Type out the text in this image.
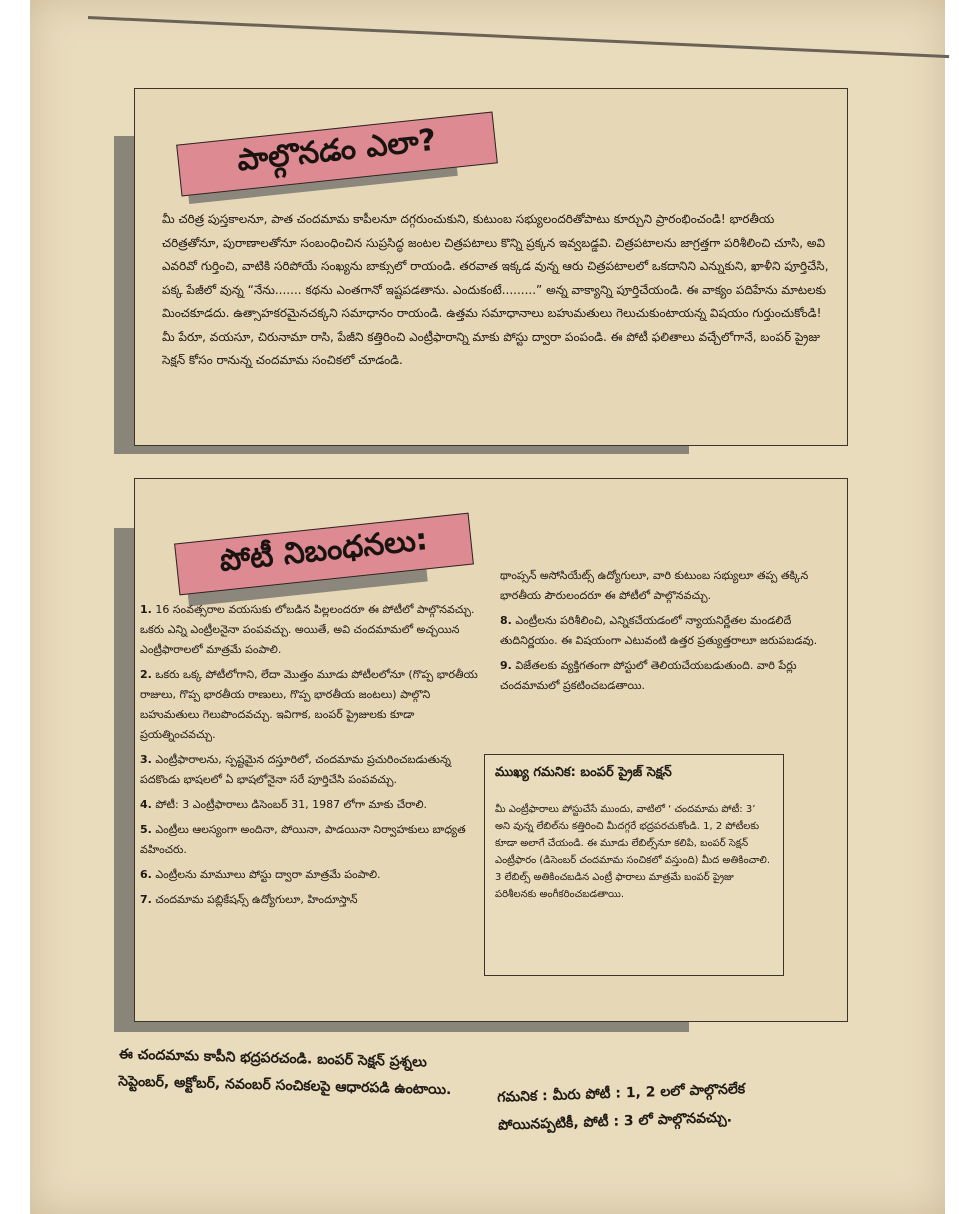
పాల్గొనడం ఎలా?
మీ చరిత్ర పుస్తకాలనూ, పాత చందమామ కాపీలనూ దగ్గరుంచుకుని, కుటుంబ సభ్యులందరితోపాటు కూర్చుని ప్రారంభించండి! భారతీయ చరిత్రతోనూ, పురాణాలతోనూ సంబంధించిన సుప్రసిద్ధ జంటల చిత్రపటాలు కొన్ని ప్రక్కన ఇవ్వబడ్డవి. చిత్రపటాలను జాగ్రత్తగా పరిశీలించి చూసి, అవి ఎవరివో గుర్తించి, వాటికి సరిపోయే సంఖ్యను బాక్సులో రాయండి. తరవాత ఇక్కడ వున్న ఆరు చిత్రపటాలలో ఒకదానిని ఎన్నుకుని, ఖాళీని పూర్తిచేసి, పక్క పేజీలో వున్న “నేను....... కథను ఎంతగానో ఇష్టపడతాను. ఎందుకంటే.........” అన్న వాక్యాన్ని పూర్తిచేయండి. ఈ వాక్యం పదిహేను మాటలకు మించకూడదు. ఉత్సాహకరమైనచక్కని సమాధానం రాయండి. ఉత్తమ సమాధానాలు బహుమతులు గెలుచుకుంటాయన్న విషయం గుర్తుంచుకోండి! మీ పేరూ, వయసూ, చిరునామా రాసి, పేజీని కత్తిరించి ఎంట్రీఫారాన్ని మాకు పోస్టు ద్వారా పంపండి. ఈ పోటీ ఫలితాలు వచ్చేలోగానే, బంపర్ ప్రైజు సెక్షన్ కోసం రానున్న చందమామ సంచికలో చూడండి.
పోటీ నిబంధనలు:

1. 16 సంవత్సరాల వయసుకు లోబడిన పిల్లలందరూ ఈ పోటీలో పాల్గొనవచ్చు. ఒకరు ఎన్ని ఎంట్రీలనైనా పంపవచ్చు. అయితే, అవి చందమామలో అచ్చయిన ఎంట్రీఫారాలలో మాత్రమే పంపాలి.

2. ఒకరు ఒక్క పోటీలోగాని, లేదా మొత్తం మూడు పోటీలలోనూ (గొప్ప భారతీయ రాజులు, గొప్ప భారతీయ రాణులు, గొప్ప భారతీయ జంటలు) పాల్గొని బహుమతులు గెలుపొందవచ్చు. ఇవిగాక, బంపర్ ప్రైజులకు కూడా ప్రయత్నించవచ్చు.

3. ఎంట్రీఫారాలను, స్పష్టమైన దస్తూరిలో, చందమామ ప్రచురించబడుతున్న పదకొండు భాషలలో ఏ భాషలోనైనా సరే పూర్తిచేసి పంపవచ్చు.

4. పోటీ: 3 ఎంట్రీఫారాలు డిసెంబర్ 31, 1987 లోగా మాకు చేరాలి.

5. ఎంట్రీలు ఆలస్యంగా అందినా, పోయినా, పాడయినా నిర్వాహకులు బాధ్యత వహించరు.

6. ఎంట్రీలను మామూలు పోస్టు ద్వారా మాత్రమే పంపాలి.

7. చందమామ పబ్లికేషన్స్ ఉద్యోగులూ, హిందూస్తాన్

థాంప్సన్ అసోసియేట్స్ ఉద్యోగులూ, వారి కుటుంబ సభ్యులూ తప్ప తక్కిన భారతీయ పౌరులందరూ ఈ పోటీలో పాల్గొనవచ్చు.

8. ఎంట్రీలను పరిశీలించి, ఎన్నికచేయడంలో న్యాయనిర్ణేతల మండలిదే తుదినిర్ణయం. ఈ విషయంగా ఎటువంటి ఉత్తర ప్రత్యుత్తరాలూ జరుపబడవు.

9. విజేతలకు వ్యక్తిగతంగా పోస్టులో తెలియచేయబడుతుంది. వారి పేర్లు చందమామలో ప్రకటించబడతాయి.

ముఖ్య గమనిక: బంపర్ ప్రైజ్ సెక్షన్
మీ ఎంట్రీఫారాలు పోస్టుచేసే ముందు, వాటిలో ‘ చందమామ పోటీ: 3’ అని వున్న లేబిల్‌ను కత్తిరించి మీదగ్గరే భద్రపరచుకోండి. 1, 2 పోటీలకు కూడా అలాగే చేయండి. ఈ మూడు లేబిల్స్‌నూ కలిపి, బంపర్ సెక్షన్ ఎంట్రీఫారం (డిసెంబర్ చందమామ సంచికలో వస్తుంది) మీద అతికించాలి. 3 లేబిల్స్ అతికించబడిన ఎంట్రీ ఫారాలు మాత్రమే బంపర్ ప్రైజు పరిశీలనకు అంగీకరించబడతాయి.
ఈ చందమామ కాపీని భద్రపరచండి. బంపర్ సెక్షన్ ప్రశ్నలు సెప్టెంబర్, అక్టోబర్, నవంబర్ సంచికలపై ఆధారపడి ఉంటాయి.	గమనిక : మీరు పోటీ : 1, 2 లలో పాల్గొనలేక పోయినప్పటికీ, పోటీ : 3 లో పాల్గొనవచ్చు.
